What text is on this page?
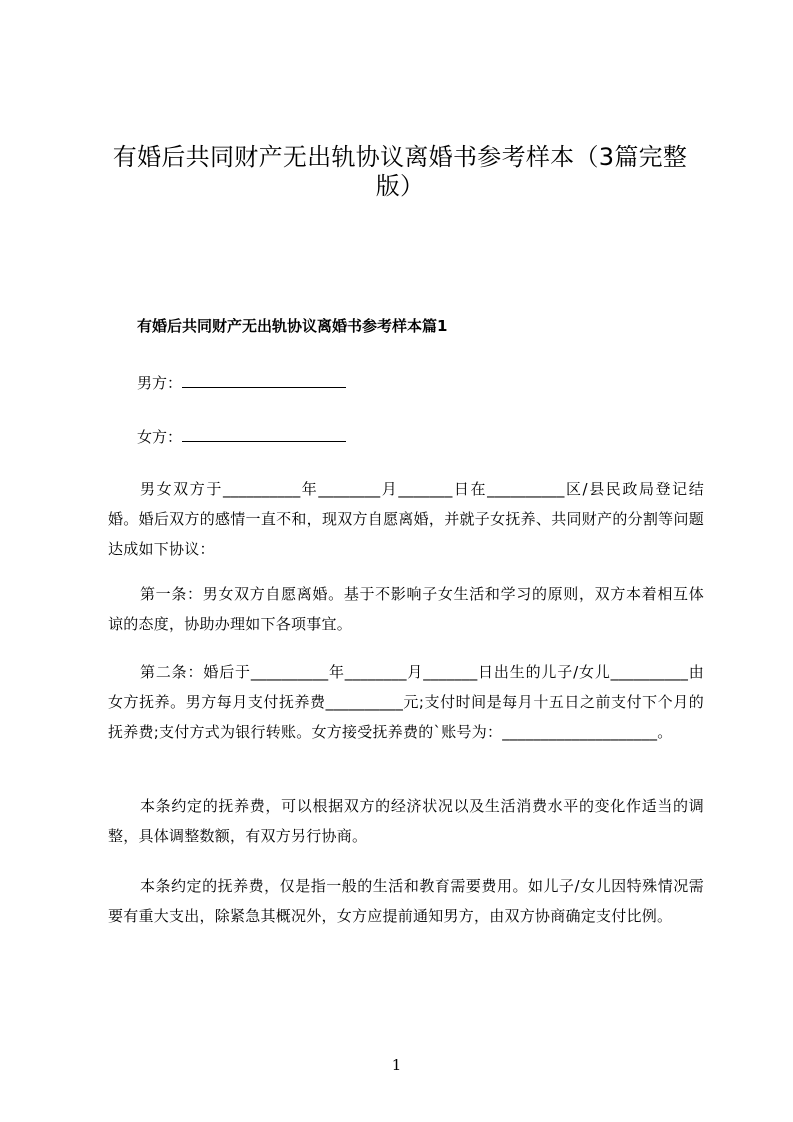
有婚后共同财产无出轨协议离婚书参考样本（3篇完整版）
有婚后共同财产无出轨协议离婚书参考样本篇1
男方：
女方：
男女双方于__________年________月_______日在__________区/县民政局登记结婚。婚后双方的感情一直不和，现双方自愿离婚，并就子女抚养、共同财产的分割等问题达成如下协议：
第一条：男女双方自愿离婚。基于不影响子女生活和学习的原则，双方本着相互体谅的态度，协助办理如下各项事宜。
第二条：婚后于__________年________月_______日出生的儿子/女儿__________由女方抚养。男方每月支付抚养费__________元;支付时间是每月十五日之前支付下个月的抚养费;支付方式为银行转账。女方接受抚养费的`账号为：____________________。
本条约定的抚养费，可以根据双方的经济状况以及生活消费水平的变化作适当的调整，具体调整数额，有双方另行协商。
本条约定的抚养费，仅是指一般的生活和教育需要费用。如儿子/女儿因特殊情况需要有重大支出，除紧急其概况外，女方应提前通知男方，由双方协商确定支付比例。
1
